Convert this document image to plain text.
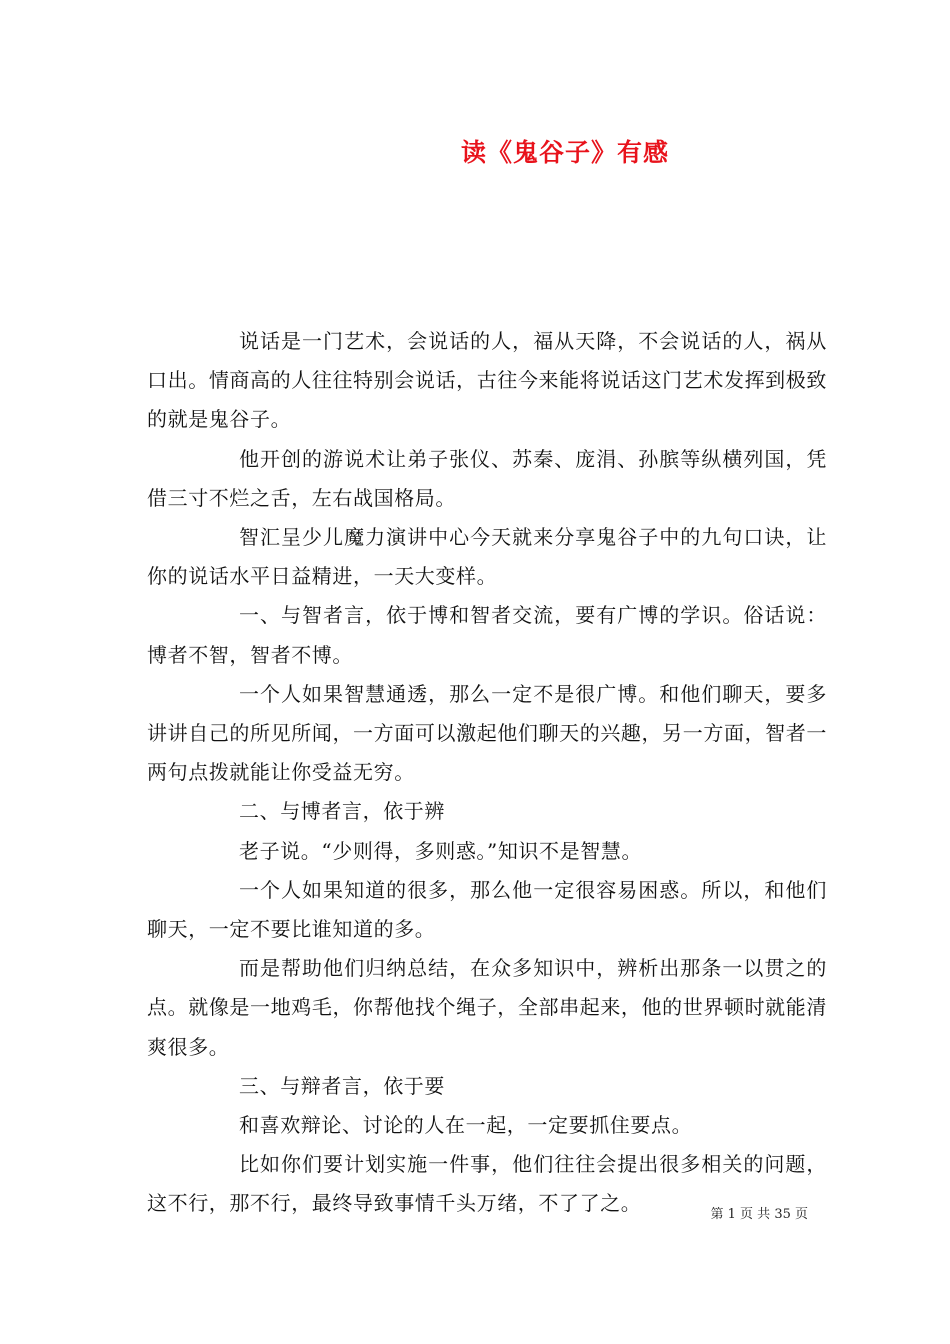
读《鬼谷子》有感

说话是一门艺术，会说话的人，福从天降，不会说话的人，祸从口出。情商高的人往往特别会说话，古往今来能将说话这门艺术发挥到极致的就是鬼谷子。

他开创的游说术让弟子张仪、苏秦、庞涓、孙膑等纵横列国，凭借三寸不烂之舌，左右战国格局。

智汇呈少儿魔力演讲中心今天就来分享鬼谷子中的九句口诀，让你的说话水平日益精进，一天大变样。

一、与智者言，依于博和智者交流，要有广博的学识。俗话说：博者不智，智者不博。

一个人如果智慧通透，那么一定不是很广博。和他们聊天，要多讲讲自己的所见所闻，一方面可以激起他们聊天的兴趣，另一方面，智者一两句点拨就能让你受益无穷。

二、与博者言，依于辨

老子说。“少则得，多则惑。”知识不是智慧。

一个人如果知道的很多，那么他一定很容易困惑。所以，和他们聊天，一定不要比谁知道的多。

而是帮助他们归纳总结，在众多知识中，辨析出那条一以贯之的点。就像是一地鸡毛，你帮他找个绳子，全部串起来，他的世界顿时就能清爽很多。

三、与辩者言，依于要

和喜欢辩论、讨论的人在一起，一定要抓住要点。

比如你们要计划实施一件事，他们往往会提出很多相关的问题，这不行，那不行，最终导致事情千头万绪，不了了之。	第 1 页 共 35 页
